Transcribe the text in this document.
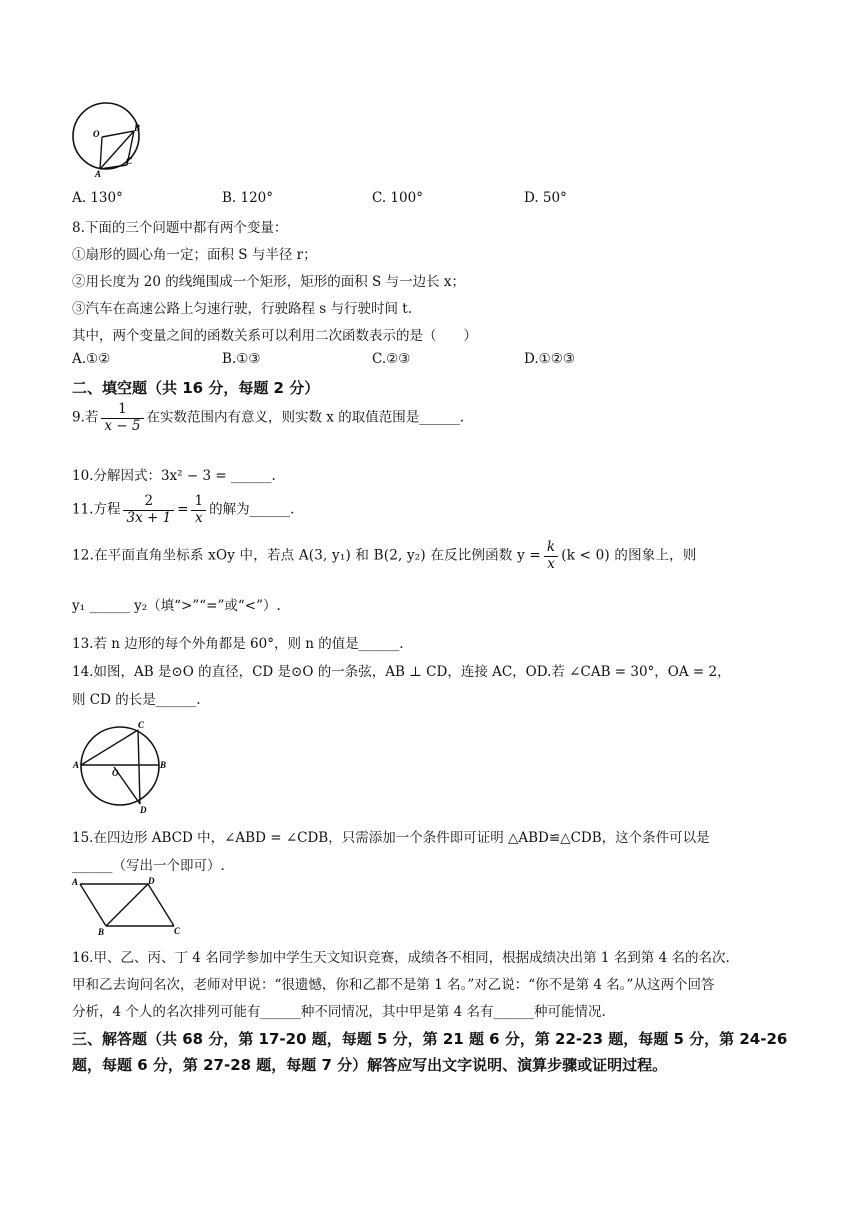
O
B
C
A
A. 130°	B. 120°	C. 100°	D. 50°
8.下面的三个问题中都有两个变量：
①扇形的圆心角一定；面积 S 与半径 r；
②用长度为 20 的线绳围成一个矩形，矩形的面积 S 与一边长 x；
③汽车在高速公路上匀速行驶，行驶路程 s 与行驶时间 t.
其中，两个变量之间的函数关系可以利用二次函数表示的是（　　）
A.①②	B.①③	C.②③	D.①②③
二、填空题（共 16 分，每题 2 分）
9.若 $\frac{1}{x - 5}$ 在实数范围内有意义，则实数 x 的取值范围是______.
10.分解因式：3x² − 3 = ______.
11.方程 $\frac{2}{3x + 1} = \frac{1}{x}$ 的解为______.
12.在平面直角坐标系 xOy 中，若点 A(3, y₁) 和 B(2, y₂) 在反比例函数 $y = \frac{k}{x} (k < 0)$ 的图象上，则
y₁ ______ y₂（填“>”“=”或“<”）.
13.若 n 边形的每个外角都是 60°，则 n 的值是______.
14.如图，AB 是⊙O 的直径，CD 是⊙O 的一条弦，AB ⊥ CD，连接 AC，OD.若 ∠CAB = 30°，OA = 2，
则 CD 的长是______.
C
A
O
B
D
15.在四边形 ABCD 中，∠ABD = ∠CDB，只需添加一个条件即可证明 △ABD≌△CDB，这个条件可以是
______（写出一个即可）.
A	D
B	C
16.甲、乙、丙、丁 4 名同学参加中学生天文知识竞赛，成绩各不相同，根据成绩决出第 1 名到第 4 名的名次.
甲和乙去询问名次，老师对甲说：“很遗憾，你和乙都不是第 1 名。”对乙说：“你不是第 4 名。”从这两个回答
分析，4 个人的名次排列可能有______种不同情况，其中甲是第 4 名有______种可能情况.
三、解答题（共 68 分，第 17-20 题，每题 5 分，第 21 题 6 分，第 22-23 题，每题 5 分，第 24-26
题，每题 6 分，第 27-28 题，每题 7 分）解答应写出文字说明、演算步骤或证明过程。
